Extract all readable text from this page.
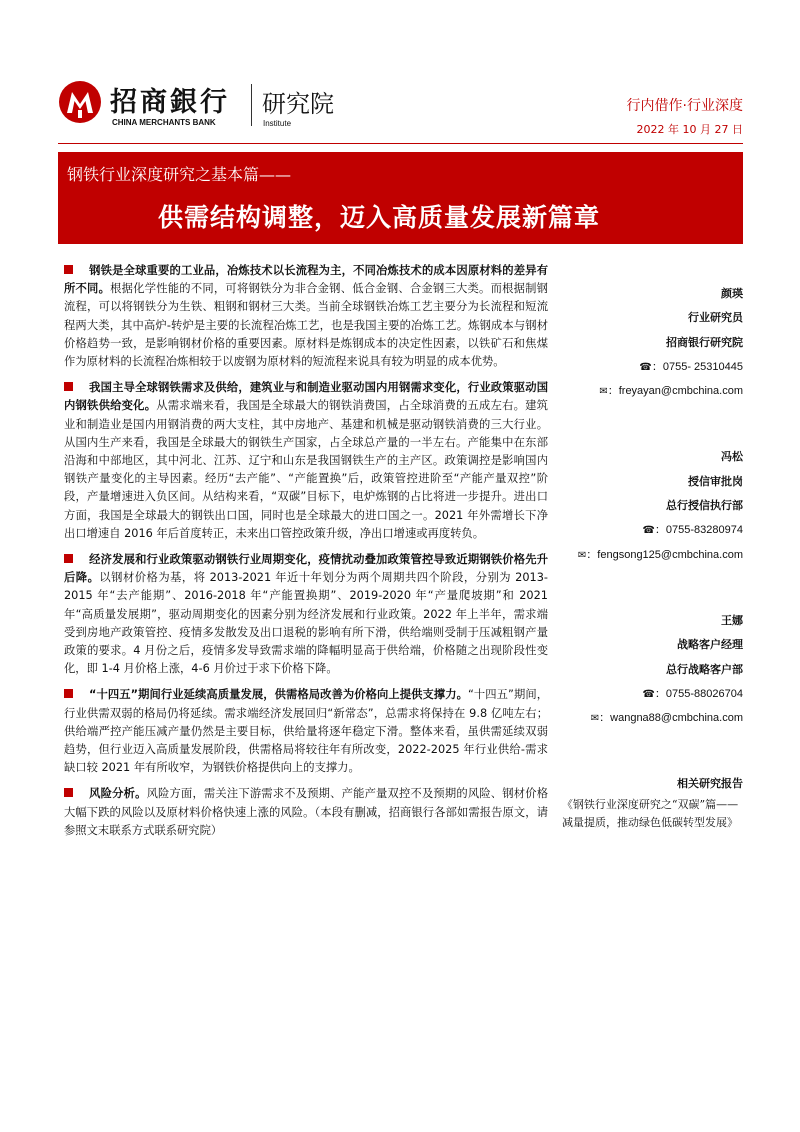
招商銀行
CHINA MERCHANTS BANK
研究院
Institute
行内借作·行业深度
2022 年 10 月 27 日
钢铁行业深度研究之基本篇——
供需结构调整，迈入高质量发展新篇章

钢铁是全球重要的工业品，冶炼技术以长流程为主，不同冶炼技术的成本因原材料的差异有所不同。根据化学性能的不同，可将钢铁分为非合金钢、低合金钢、合金钢三大类。而根据制钢流程，可以将钢铁分为生铁、粗钢和钢材三大类。当前全球钢铁冶炼工艺主要分为长流程和短流程两大类，其中高炉-转炉是主要的长流程冶炼工艺，也是我国主要的冶炼工艺。炼钢成本与钢材价格趋势一致，是影响钢材价格的重要因素。原材料是炼钢成本的决定性因素，以铁矿石和焦煤作为原材料的长流程冶炼相较于以废钢为原材料的短流程来说具有较为明显的成本优势。

我国主导全球钢铁需求及供给，建筑业与和制造业驱动国内用钢需求变化，行业政策驱动国内钢铁供给变化。从需求端来看，我国是全球最大的钢铁消费国，占全球消费的五成左右。建筑业和制造业是国内用钢消费的两大支柱，其中房地产、基建和机械是驱动钢铁消费的三大行业。从国内生产来看，我国是全球最大的钢铁生产国家，占全球总产量的一半左右。产能集中在东部沿海和中部地区，其中河北、江苏、辽宁和山东是我国钢铁生产的主产区。政策调控是影响国内钢铁产量变化的主导因素。经历“去产能”、“产能置换”后，政策管控进阶至“产能产量双控”阶段，产量增速进入负区间。从结构来看，“双碳”目标下，电炉炼钢的占比将进一步提升。进出口方面，我国是全球最大的钢铁出口国，同时也是全球最大的进口国之一。2021 年外需增长下净出口增速自 2016 年后首度转正，未来出口管控政策升级，净出口增速或再度转负。

经济发展和行业政策驱动钢铁行业周期变化，疫情扰动叠加政策管控导致近期钢铁价格先升后降。以钢材价格为基，将 2013-2021 年近十年划分为两个周期共四个阶段，分别为 2013-2015 年“去产能期”、2016-2018 年“产能置换期”、2019-2020 年“产量爬坡期”和 2021 年“高质量发展期”，驱动周期变化的因素分别为经济发展和行业政策。2022 年上半年，需求端受到房地产政策管控、疫情多发散发及出口退税的影响有所下滑，供给端则受制于压减粗钢产量政策的要求。4 月份之后，疫情多发导致需求端的降幅明显高于供给端，价格随之出现阶段性变化，即 1-4 月价格上涨，4-6 月价过于求下价格下降。

“十四五”期间行业延续高质量发展，供需格局改善为价格向上提供支撑力。“十四五”期间，行业供需双弱的格局仍将延续。需求端经济发展回归“新常态”，总需求将保持在 9.8 亿吨左右；供给端严控产能压减产量仍然是主要目标，供给量将逐年稳定下滑。整体来看，虽供需延续双弱趋势，但行业迈入高质量发展阶段，供需格局将较往年有所改变，2022-2025 年行业供给-需求缺口较 2021 年有所收窄，为钢铁价格提供向上的支撑力。

风险分析。风险方面，需关注下游需求不及预期、产能产量双控不及预期的风险、钢材价格大幅下跌的风险以及原材料价格快速上涨的风险。（本段有删减，招商银行各部如需报告原文，请参照文末联系方式联系研究院）

颜瑛
行业研究员
招商银行研究院
☎：0755- 25310445
✉：freyayan@cmbchina.com
冯松
授信审批岗
总行授信执行部
☎：0755-83280974
✉：fengsong125@cmbchina.com
王娜
战略客户经理
总行战略客户部
☎：0755-88026704
✉：wangna88@cmbchina.com
相关研究报告
《钢铁行业深度研究之“双碳”篇——减量提质，推动绿色低碳转型发展》
